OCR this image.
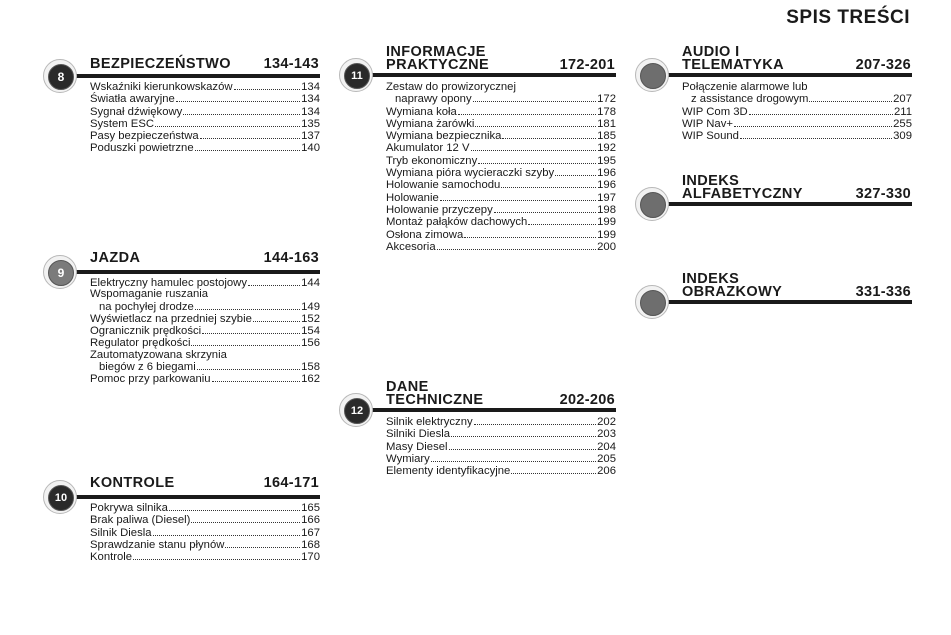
SPIS TREŚCI
8
BEZPIECZEŃSTWO 134-143
Wskaźniki kierunkowskazów	134
Światła awaryjne	134
Sygnał dźwiękowy	134
System ESC	135
Pasy bezpieczeństwa	137
Poduszki powietrzne	140
9
JAZDA	144-163
Elektryczny hamulec postojowy	144
Wspomaganie ruszania
na pochyłej drodze	149
Wyświetlacz na przedniej szybie	152
Ogranicznik prędkości	154
Regulator prędkości	156
Zautomatyzowana skrzynia
biegów z 6 biegami	158
Pomoc przy parkowaniu	162
10
KONTROLE	164-171
Pokrywa silnika	165
Brak paliwa (Diesel)	166
Silnik Diesla	167
Sprawdzanie stanu płynów	168
Kontrole	170
11
INFORMACJE
PRAKTYCZNE	172-201
Zestaw do prowizorycznej
naprawy opony	172
Wymiana koła	178
Wymiana żarówki	181
Wymiana bezpiecznika	185
Akumulator 12 V	192
Tryb ekonomiczny	195
Wymiana pióra wycieraczki szyby	196
Holowanie samochodu	196
Holowanie	197
Holowanie przyczepy	198
Montaż pałąków dachowych	199
Osłona zimowa	199
Akcesoria	200
12
DANE
TECHNICZNE	202-206
Silnik elektryczny	202
Silniki Diesla	203
Masy Diesel	204
Wymiary	205
Elementy identyfikacyjne	206
AUDIO I
TELEMATYKA	207-326
Połączenie alarmowe lub
z assistance drogowym	207
WIP Com 3D	211
WIP Nav+	255
WIP Sound	309
INDEKS
ALFABETYCZNY	327-330
INDEKS
OBRAZKOWY	331-336
